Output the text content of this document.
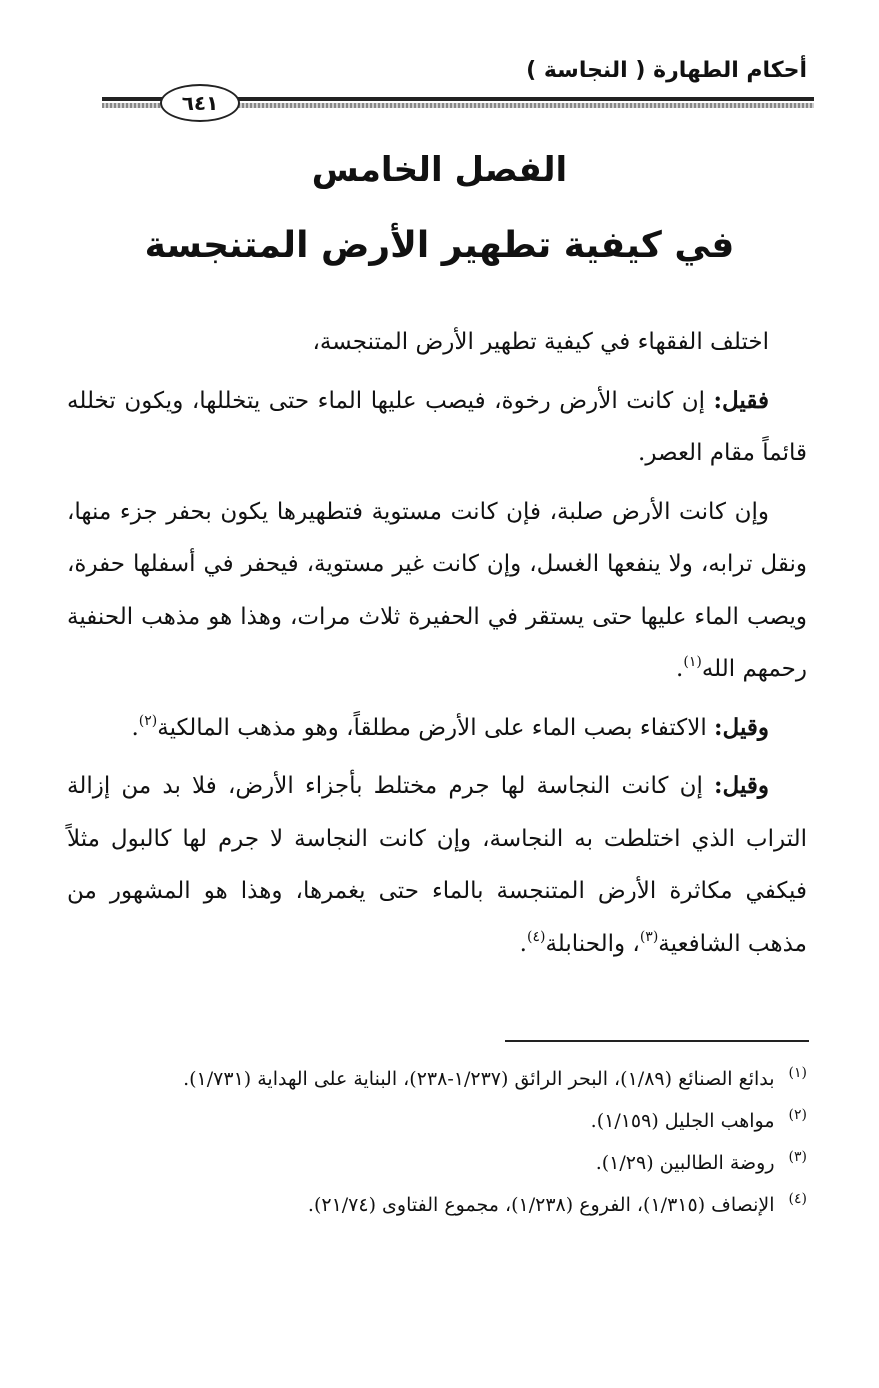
أحكام الطهارة ( النجاسة )
٦٤١
الفصل الخامس
في كيفية تطهير الأرض المتنجسة

اختلف الفقهاء في كيفية تطهير الأرض المتنجسة،

فقيل: إن كانت الأرض رخوة، فيصب عليها الماء حتى يتخللها، ويكون تخلله قائماً مقام العصر.

وإن كانت الأرض صلبة، فإن كانت مستوية فتطهيرها يكون بحفر جزء منها، ونقل ترابه، ولا ينفعها الغسل، وإن كانت غير مستوية، فيحفر في أسفلها حفرة، ويصب الماء عليها حتى يستقر في الحفيرة ثلاث مرات، وهذا هو مذهب الحنفية رحمهم الله$^{(١)}$.

وقيل: الاكتفاء بصب الماء على الأرض مطلقاً، وهو مذهب المالكية$^{(٢)}$.

وقيل: إن كانت النجاسة لها جرم مختلط بأجزاء الأرض، فلا بد من إزالة التراب الذي اختلطت به النجاسة، وإن كانت النجاسة لا جرم لها كالبول مثلاً فيكفي مكاثرة الأرض المتنجسة بالماء حتى يغمرها، وهذا هو المشهور من مذهب الشافعية$^{(٣)}$، والحنابلة$^{(٤)}$.

$^{(١)}$بدائع الصنائع (١/٨٩)، البحر الرائق (١/٢٣٧-٢٣٨)، البناية على الهداية (١/٧٣١).

$^{(٢)}$مواهب الجليل (١/١٥٩).

$^{(٣)}$روضة الطالبين (١/٢٩).

$^{(٤)}$الإنصاف (١/٣١٥)، الفروع (١/٢٣٨)، مجموع الفتاوى (٢١/٧٤).
